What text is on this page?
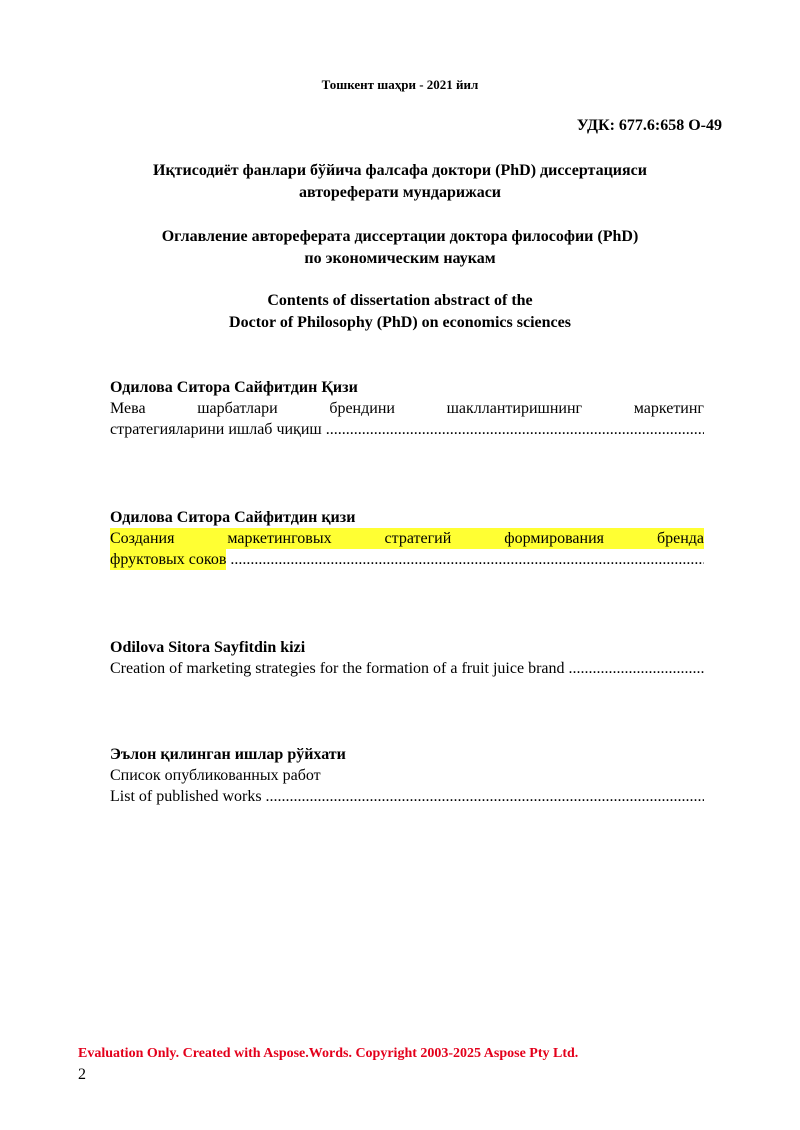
Тошкент шаҳри - 2021 йил
УДК: 677.6:658 О-49
Иқтисодиёт фанлари бўйича фалсафа доктори (PhD) диссертацияси
автореферати мундарижаси
Оглавление автореферата диссертации доктора философии (PhD)
по экономическим наукам
Contents of dissertation abstract of the
Doctor of Philosophy (PhD) on economics sciences
Одилова Ситора Сайфитдин Қизи
Мева шарбатлари брендини шакллантиришнинг маркетинг
стратегияларини ишлаб чиқиш
.....
Одилова Ситора Сайфитдин қизи
Создания маркетинговых стратегий формирования бренда
фруктовых соков
.....
Odilova Sitora Sayfitdin kizi
Creation of marketing strategies for the formation of a fruit juice brand
.....
Эълон қилинган ишлар рўйхати
Список опубликованных работ
List of published works
.....
Evaluation Only. Created with Aspose.Words. Copyright 2003-2025 Aspose Pty Ltd.
2
